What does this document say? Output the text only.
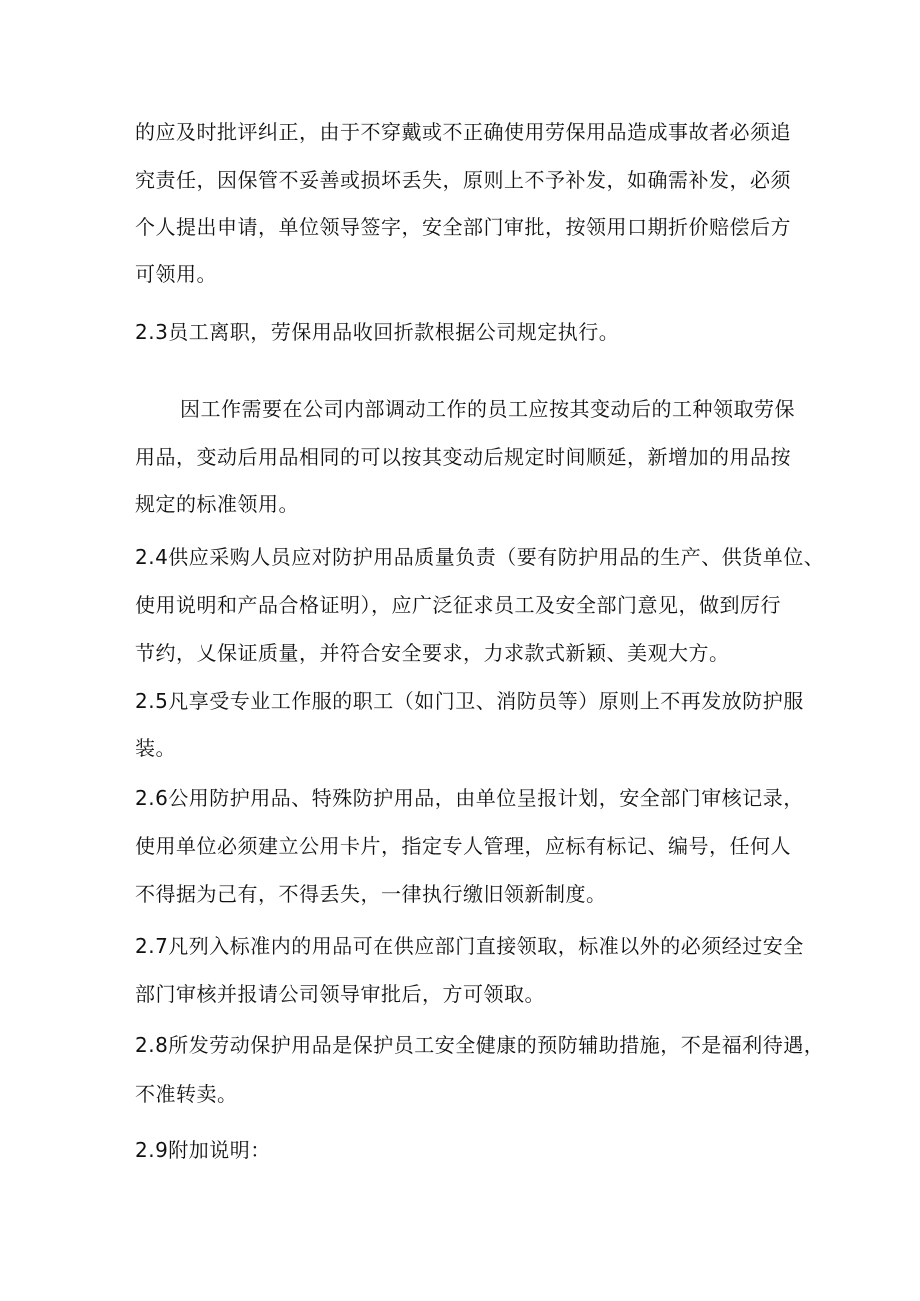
的应及时批评纠正，由于不穿戴或不正确使用劳保用品造成事故者必须追
究责任，因保管不妥善或损坏丢失，原则上不予补发，如确需补发，必须
个人提出申请，单位领导签字，安全部门审批，按领用口期折价赔偿后方
可领用。
2.3员工离职，劳保用品收回折款根据公司规定执行。
因工作需要在公司内部调动工作的员工应按其变动后的工种领取劳保
用品，变动后用品相同的可以按其变动后规定时间顺延，新增加的用品按
规定的标准领用。
2.4供应采购人员应对防护用品质量负责（要有防护用品的生产、供货单位、
使用说明和产品合格证明），应广泛征求员工及安全部门意见，做到厉行
节约，乂保证质量，并符合安全要求，力求款式新颖、美观大方。
2.5凡享受专业工作服的职工（如门卫、消防员等）原则上不再发放防护服
装。
2.6公用防护用品、特殊防护用品，由单位呈报计划，安全部门审核记录，
使用单位必须建立公用卡片，指定专人管理，应标有标记、编号，任何人
不得据为己有，不得丢失，一律执行缴旧领新制度。
2.7凡列入标准内的用品可在供应部门直接领取，标准以外的必须经过安全
部门审核并报请公司领导审批后，方可领取。
2.8所发劳动保护用品是保护员工安全健康的预防辅助措施，不是福利待遇，
不准转卖。
2.9附加说明：
